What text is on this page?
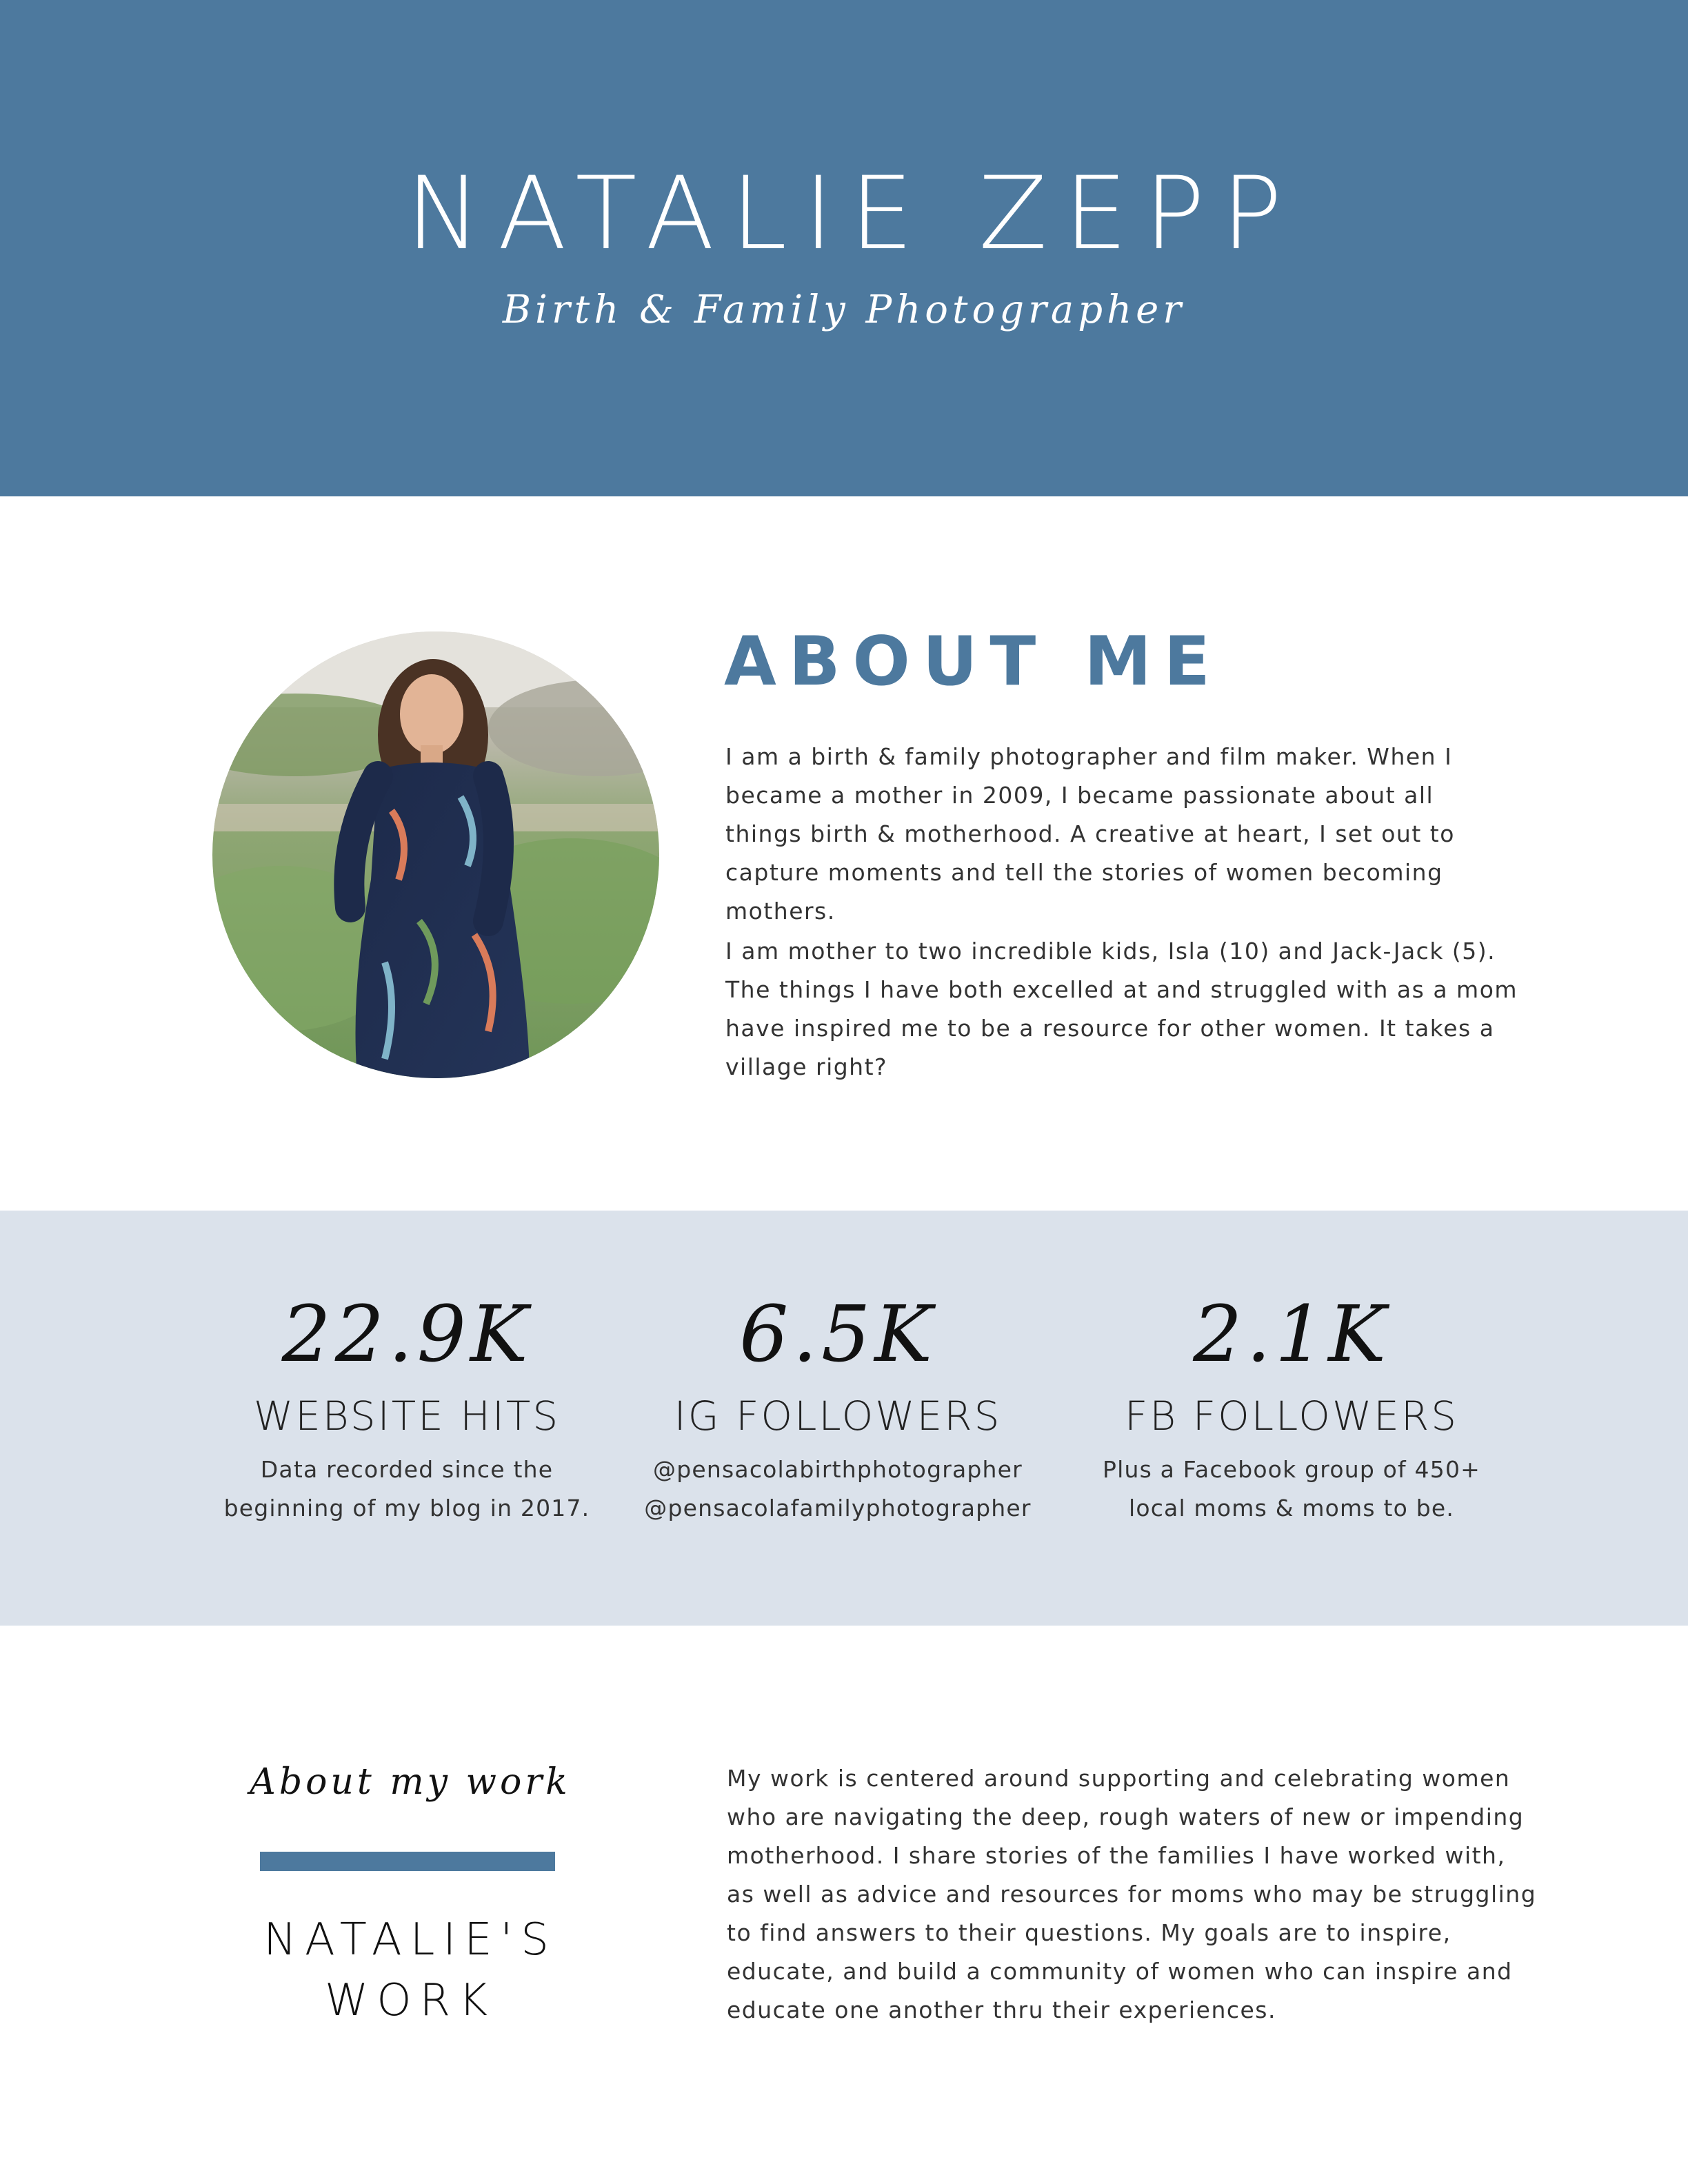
NATALIE ZEPP
Birth & Family Photographer
ABOUT ME

I am a birth & family photographer and film maker. When I became a mother in 2009, I became passionate about all things birth & motherhood. A creative at heart, I set out to capture moments and tell the stories of women becoming mothers.

I am mother to two incredible kids, Isla (10) and Jack-Jack (5). The things I have both excelled at and struggled with as a mom have inspired me to be a resource for other women. It takes a village right?

22.9K
WEBSITE HITS
Data recorded since the
beginning of my blog in 2017.
6.5K
IG FOLLOWERS
@pensacolabirthphotographer
@pensacolafamilyphotographer
2.1K
FB FOLLOWERS
Plus a Facebook group of 450+
local moms & moms to be.
About my work
NATALIE'S
WORK

My work is centered around supporting and celebrating women who are navigating the deep, rough waters of new or impending motherhood. I share stories of the families I have worked with, as well as advice and resources for moms who may be struggling to find answers to their questions. My goals are to inspire, educate, and build a community of women who can inspire and educate one another thru their experiences.
